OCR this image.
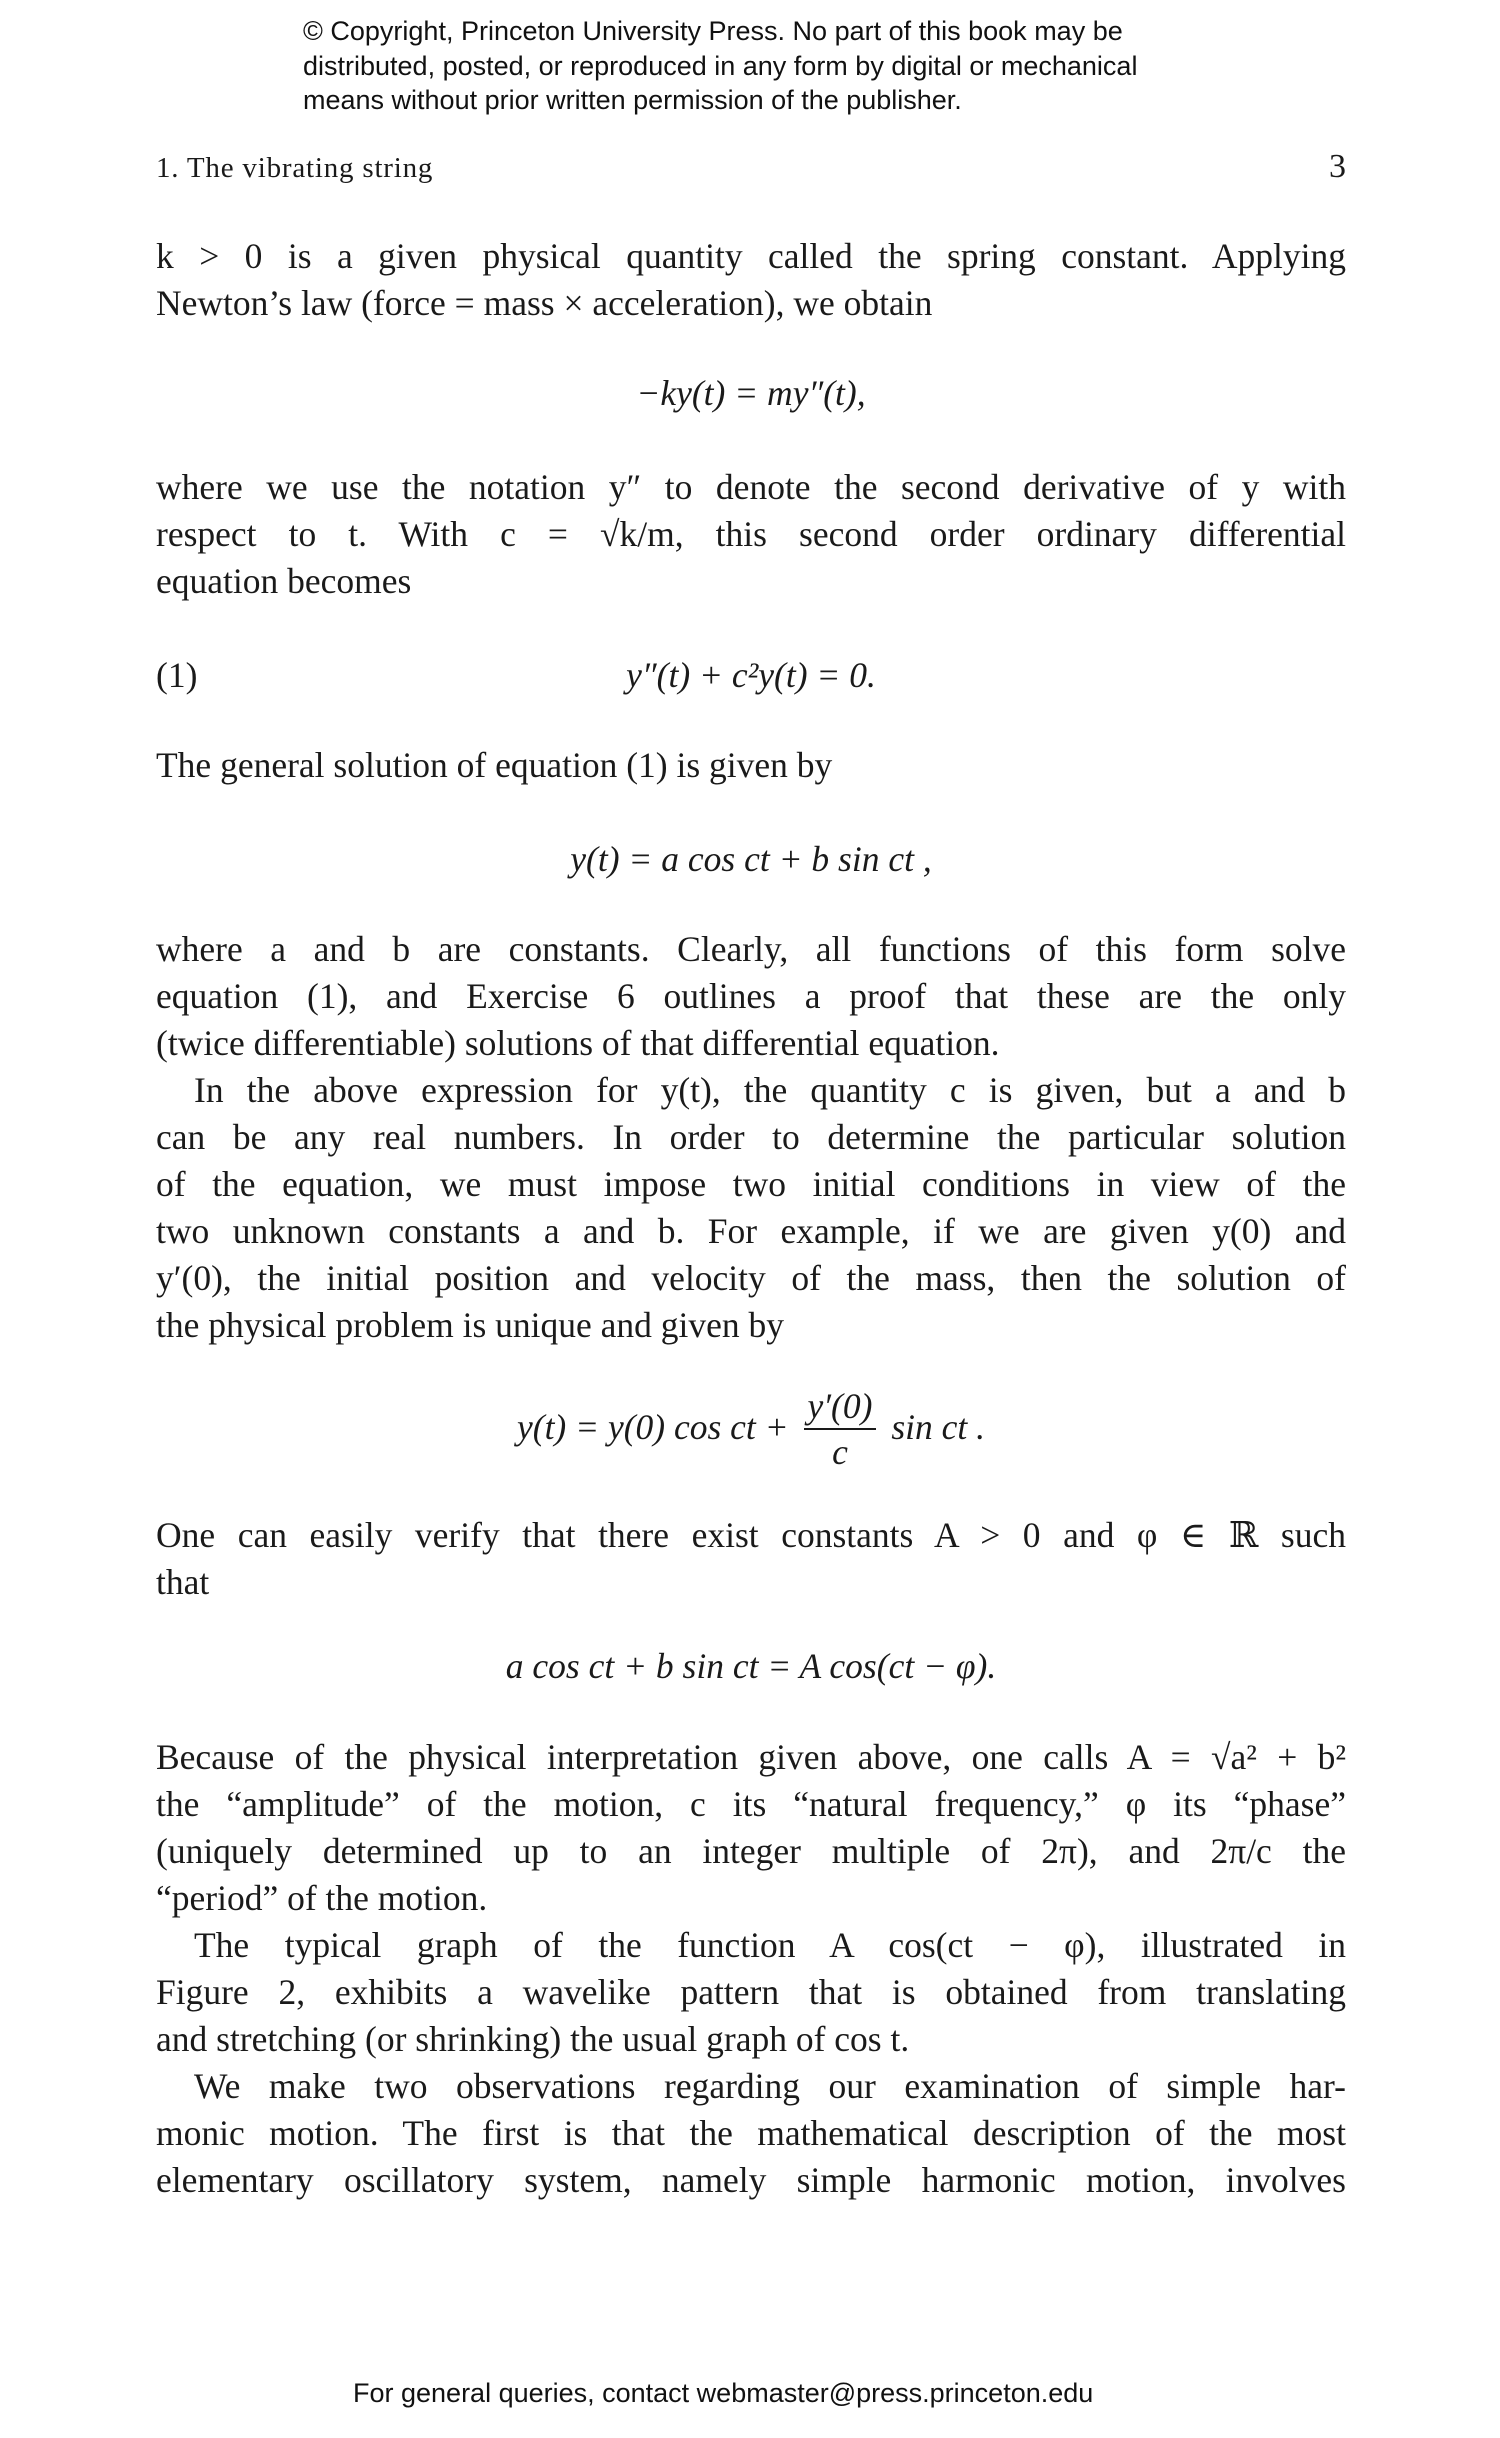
© Copyright, Princeton University Press. No part of this book may be
distributed, posted, or reproduced in any form by digital or mechanical
means without prior written permission of the publisher.
1. The vibrating string	3
k > 0 is a given physical quantity called the spring constant. Applying
Newton’s law (force = mass × acceleration), we obtain
−ky(t) = my″(t),
where we use the notation y″ to denote the second derivative of y with
respect to t. With c = √k/m, this second order ordinary differential
equation becomes
(1)	y″(t) + c²y(t) = 0.
The general solution of equation (1) is given by
y(t) = a cos ct + b sin ct ,
where a and b are constants. Clearly, all functions of this form solve
equation (1), and Exercise 6 outlines a proof that these are the only
(twice differentiable) solutions of that differential equation.
In the above expression for y(t), the quantity c is given, but a and b
can be any real numbers. In order to determine the particular solution
of the equation, we must impose two initial conditions in view of the
two unknown constants a and b. For example, if we are given y(0) and
y′(0), the initial position and velocity of the mass, then the solution of
the physical problem is unique and given by
y(t) = y(0) cos ct + $\frac{y'(0)}{c}$ sin ct .
One can easily verify that there exist constants A > 0 and φ ∈ ℝ such
that
a cos ct + b sin ct = A cos(ct − φ).
Because of the physical interpretation given above, one calls A = √a² + b²
the “amplitude” of the motion, c its “natural frequency,” φ its “phase”
(uniquely determined up to an integer multiple of 2π), and 2π/c the
“period” of the motion.
The typical graph of the function A cos(ct − φ), illustrated in
Figure 2, exhibits a wavelike pattern that is obtained from translating
and stretching (or shrinking) the usual graph of cos t.
We make two observations regarding our examination of simple har-
monic motion. The first is that the mathematical description of the most
elementary oscillatory system, namely simple harmonic motion, involves
For general queries, contact webmaster@press.princeton.edu
